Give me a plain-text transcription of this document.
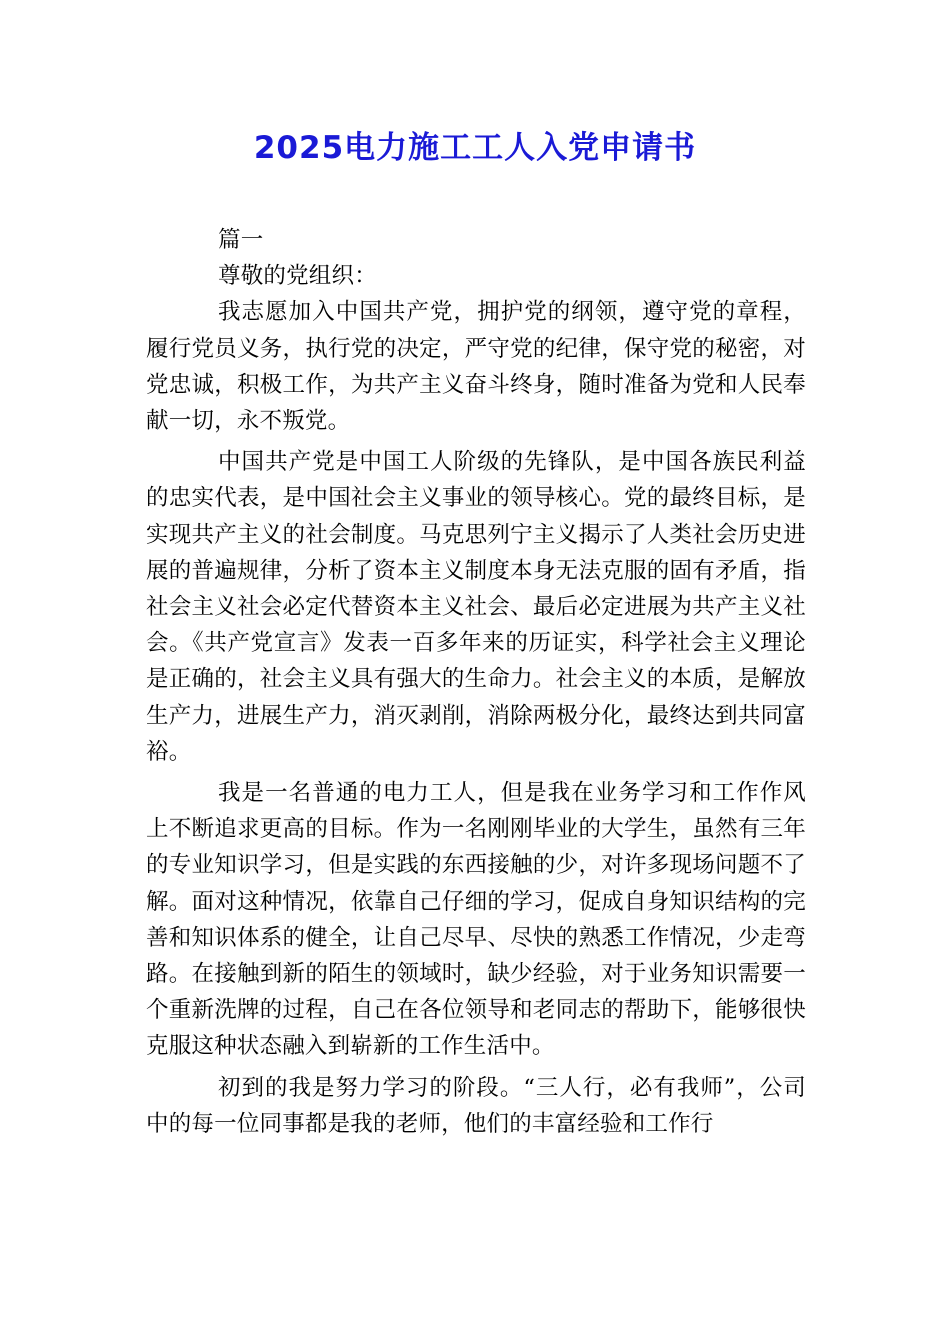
2025电力施工工人入党申请书

篇一

尊敬的党组织：

我志愿加入中国共产党，拥护党的纲领，遵守党的章程，履行党员义务，执行党的决定，严守党的纪律，保守党的秘密，对党忠诚，积极工作，为共产主义奋斗终身，随时准备为党和人民奉献一切，永不叛党。

中国共产党是中国工人阶级的先锋队，是中国各族民利益的忠实代表，是中国社会主义事业的领导核心。党的最终目标，是实现共产主义的社会制度。马克思列宁主义揭示了人类社会历史进展的普遍规律，分析了资本主义制度本身无法克服的固有矛盾，指社会主义社会必定代替资本主义社会、最后必定进展为共产主义社会。《共产党宣言》发表一百多年来的历证实，科学社会主义理论是正确的，社会主义具有强大的生命力。社会主义的本质，是解放生产力，进展生产力，消灭剥削，消除两极分化，最终达到共同富裕。

我是一名普通的电力工人，但是我在业务学习和工作作风上不断追求更高的目标。作为一名刚刚毕业的大学生，虽然有三年的专业知识学习，但是实践的东西接触的少，对许多现场问题不了解。面对这种情况，依靠自己仔细的学习，促成自身知识结构的完善和知识体系的健全，让自己尽早、尽快的熟悉工作情况，少走弯路。在接触到新的陌生的领域时，缺少经验，对于业务知识需要一个重新洗牌的过程，自己在各位领导和老同志的帮助下，能够很快克服这种状态融入到崭新的工作生活中。

初到的我是努力学习的阶段。“三人行，必有我师”，公司中的每一位同事都是我的老师，他们的丰富经验和工作行
